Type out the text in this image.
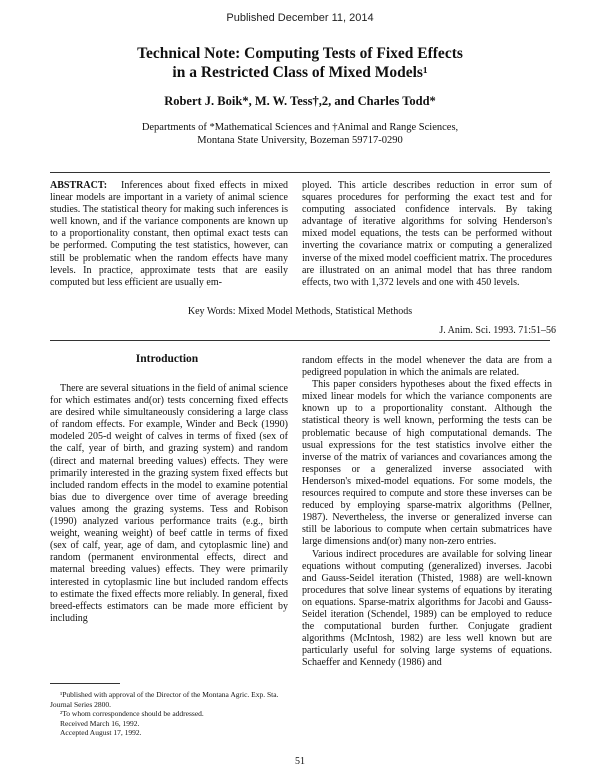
Published December 11, 2014
Technical Note: Computing Tests of Fixed Effects
in a Restricted Class of Mixed Models¹
Robert J. Boik*, M. W. Tess†,2, and Charles Todd*
Departments of *Mathematical Sciences and †Animal and Range Sciences,
Montana State University, Bozeman 59717-0290

ABSTRACT: Inferences about fixed effects in mixed linear models are important in a variety of animal science studies. The statistical theory for making such inferences is well known, and if the variance components are known up to a proportionality constant, then optimal exact tests can be performed. Computing the test statistics, however, can still be problematic when the random effects have many levels. In practice, approximate tests that are easily computed but less efficient are usually em-

ployed. This article describes reduction in error sum of squares procedures for performing the exact test and for computing associated confidence intervals. By taking advantage of iterative algorithms for solving Henderson's mixed model equations, the tests can be performed without inverting the covariance matrix or computing a generalized inverse of the mixed model coefficient matrix. The procedures are illustrated on an animal model that has three random effects, two with 1,372 levels and one with 450 levels.

Key Words: Mixed Model Methods, Statistical Methods
J. Anim. Sci. 1993. 71:51–56
Introduction

There are several situations in the field of animal science for which estimates and(or) tests concerning fixed effects are desired while simultaneously considering a large class of random effects. For example, Winder and Beck (1990) modeled 205-d weight of calves in terms of fixed (sex of the calf, year of birth, and grazing system) and random (direct and maternal breeding values) effects. They were primarily interested in the grazing system fixed effects but included random effects in the model to examine potential bias due to divergence over time of average breeding values among the grazing systems. Tess and Robison (1990) analyzed various performance traits (e.g., birth weight, weaning weight) of beef cattle in terms of fixed (sex of calf, year, age of dam, and cytoplasmic line) and random (permanent environmental effects, direct and maternal breeding values) effects. They were primarily interested in cytoplasmic line but included random effects to estimate the fixed effects more reliably. In general, fixed breed-effects estimators can be made more efficient by including

random effects in the model whenever the data are from a pedigreed population in which the animals are related.

This paper considers hypotheses about the fixed effects in mixed linear models for which the variance components are known up to a proportionality constant. Although the statistical theory is well known, performing the tests can be problematic because of high computational demands. The usual expressions for the test statistics involve either the inverse of the matrix of variances and covariances among the responses or a generalized inverse associated with Henderson's mixed-model equations. For some models, the resources required to compute and store these inverses can be reduced by employing sparse-matrix algorithms (Pellner, 1987). Nevertheless, the inverse or generalized inverse can still be laborious to compute when certain submatrices have large dimensions and(or) many non-zero entries.

Various indirect procedures are available for solving linear equations without computing (generalized) inverses. Jacobi and Gauss-Seidel iteration (Thisted, 1988) are well-known procedures that solve linear systems of equations by iterating on equations. Sparse-matrix algorithms for Jacobi and Gauss-Seidel iteration (Schendel, 1989) can be employed to reduce the computational burden further. Conjugate gradient algorithms (McIntosh, 1982) are less well known but are particularly useful for solving large systems of equations. Schaeffer and Kennedy (1986) and

¹Published with approval of the Director of the Montana Agric. Exp. Sta. Journal Series 2800.

²To whom correspondence should be addressed.

Received March 16, 1992.

Accepted August 17, 1992.

51
